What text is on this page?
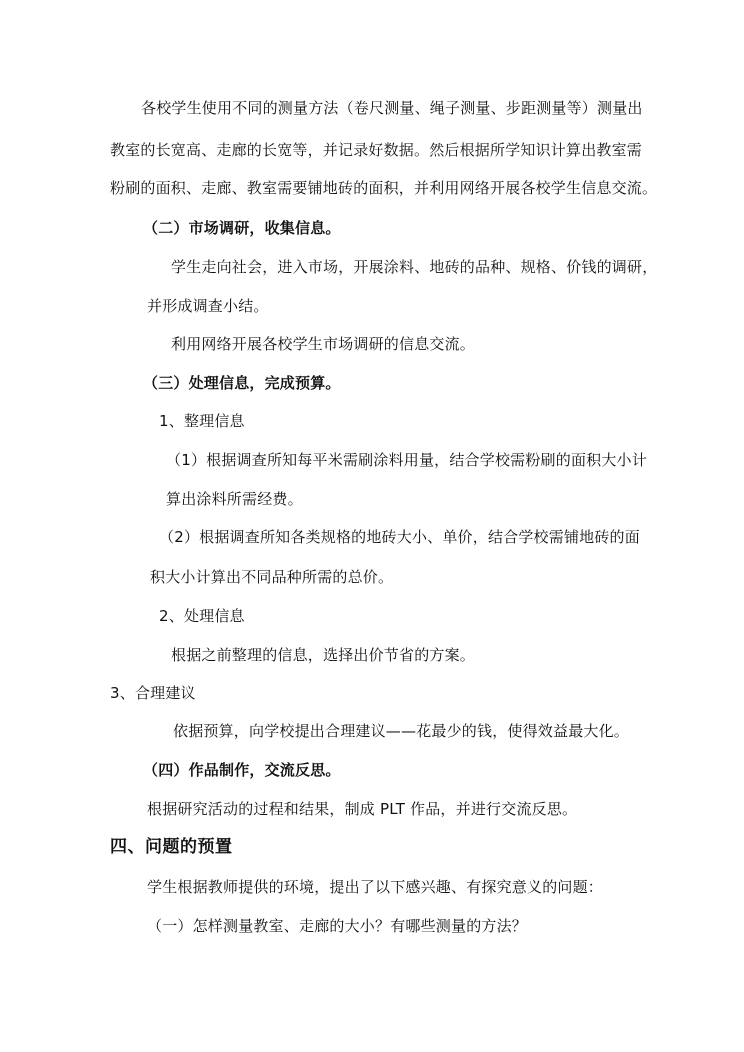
各校学生使用不同的测量方法（卷尺测量、绳子测量、步距测量等）测量出
教室的长宽高、走廊的长宽等，并记录好数据。然后根据所学知识计算出教室需
粉刷的面积、走廊、教室需要铺地砖的面积，并利用网络开展各校学生信息交流。
（二）市场调研，收集信息。
学生走向社会，进入市场，开展涂料、地砖的品种、规格、价钱的调研，
并形成调查小结。
利用网络开展各校学生市场调研的信息交流。
（三）处理信息，完成预算。
1、整理信息
（1）根据调查所知每平米需刷涂料用量，结合学校需粉刷的面积大小计
算出涂料所需经费。
（2）根据调查所知各类规格的地砖大小、单价，结合学校需铺地砖的面
积大小计算出不同品种所需的总价。
2、处理信息
根据之前整理的信息，选择出价节省的方案。
3、合理建议
依据预算，向学校提出合理建议——花最少的钱，使得效益最大化。
（四）作品制作，交流反思。
根据研究活动的过程和结果，制成 PLT 作品，并进行交流反思。
四、问题的预置
学生根据教师提供的环境，提出了以下感兴趣、有探究意义的问题：
（一）怎样测量教室、走廊的大小？有哪些测量的方法？
